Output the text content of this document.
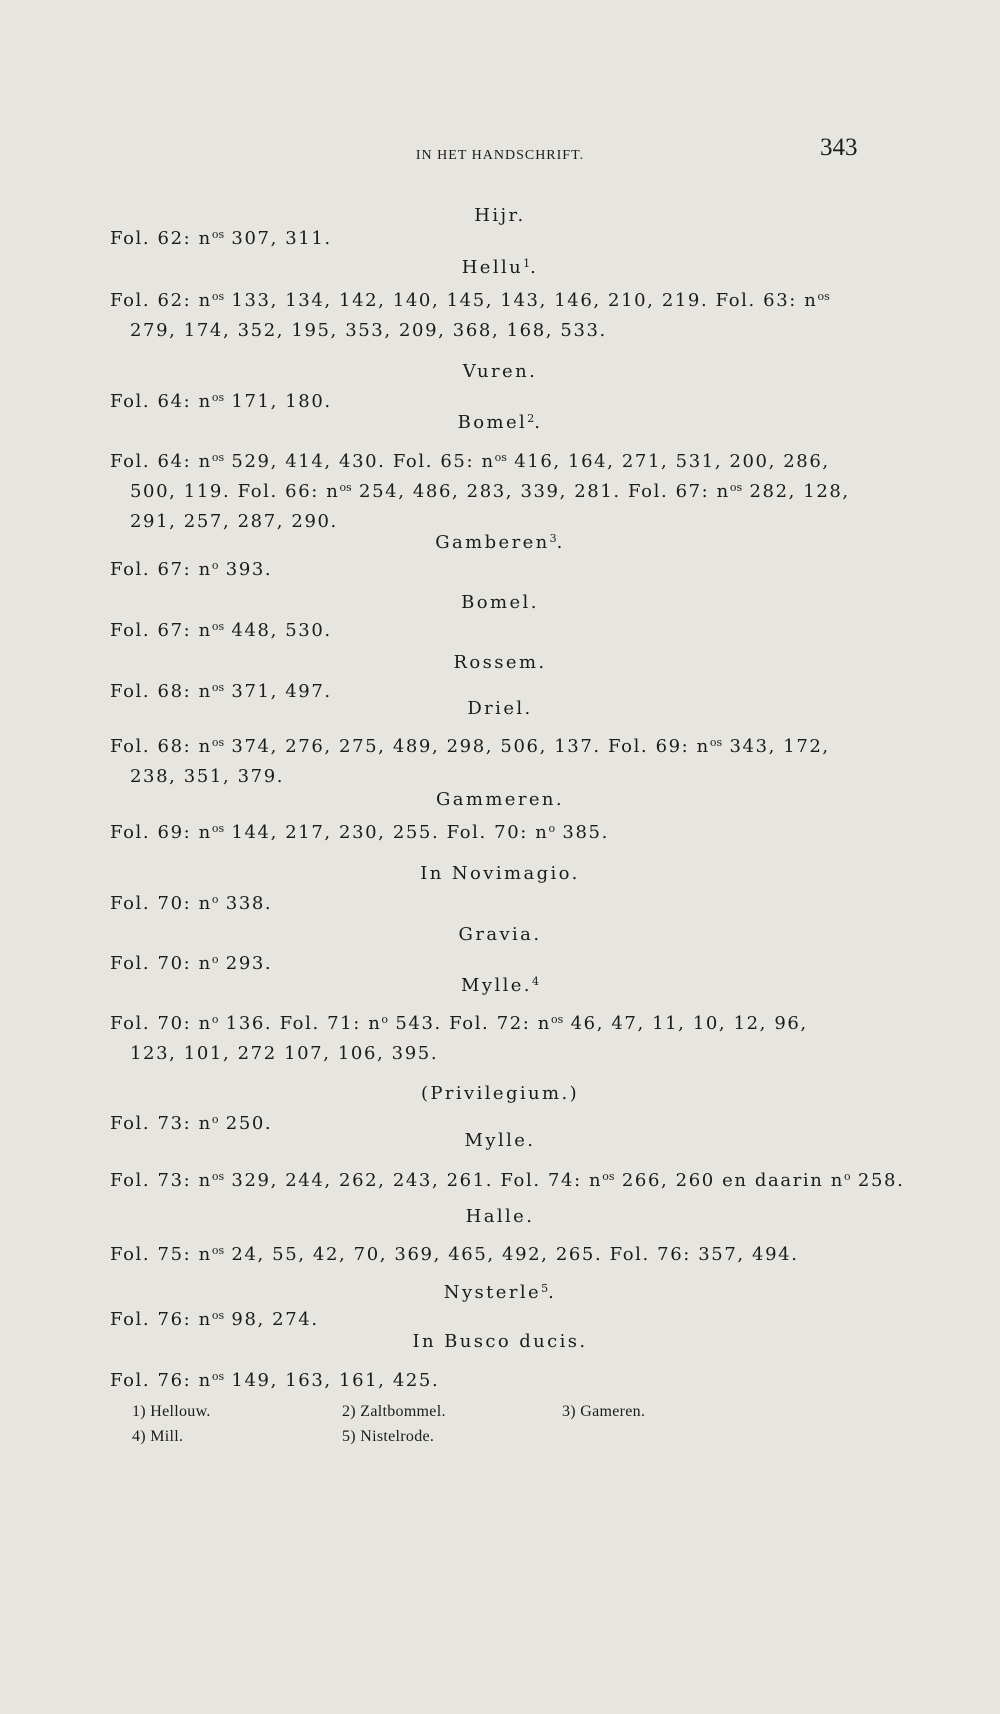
IN HET HANDSCHRIFT.	343
Hijr.
Fol. 62: $n^{os}$ 307, 311.
Hellu$^1$.
Fol. 62: $n^{os}$ 133, 134, 142, 140, 145, 143, 146, 210, 219. Fol. 63: $n^{os}$
279, 174, 352, 195, 353, 209, 368, 168, 533.
Vuren.
Fol. 64: $n^{os}$ 171, 180.
Bomel$^2$.
Fol. 64: $n^{os}$ 529, 414, 430. Fol. 65: $n^{os}$ 416, 164, 271, 531, 200, 286,
500, 119. Fol. 66: $n^{os}$ 254, 486, 283, 339, 281. Fol. 67: $n^{os}$ 282, 128,
291, 257, 287, 290.
Gamberen$^3$.
Fol. 67: $n^o$ 393.
Bomel.
Fol. 67: $n^{os}$ 448, 530.
Rossem.
Fol. 68: $n^{os}$ 371, 497.
Driel.
Fol. 68: $n^{os}$ 374, 276, 275, 489, 298, 506, 137. Fol. 69: $n^{os}$ 343, 172,
238, 351, 379.
Gammeren.
Fol. 69: $n^{os}$ 144, 217, 230, 255. Fol. 70: $n^o$ 385.
In Novimagio.
Fol. 70: $n^o$ 338.
Gravia.
Fol. 70: $n^o$ 293.
Mylle.$^4$
Fol. 70: $n^o$ 136. Fol. 71: $n^o$ 543. Fol. 72: $n^{os}$ 46, 47, 11, 10, 12, 96,
123, 101, 272 107, 106, 395.
(Privilegium.)
Fol. 73: $n^o$ 250.
Mylle.
Fol. 73: $n^{os}$ 329, 244, 262, 243, 261. Fol. 74: $n^{os}$ 266, 260 en daarin $n^o$ 258.
Halle.
Fol. 75: $n^{os}$ 24, 55, 42, 70, 369, 465, 492, 265. Fol. 76: 357, 494.
Nysterle$^5$.
Fol. 76: $n^{os}$ 98, 274.
In Busco ducis.
Fol. 76: $n^{os}$ 149, 163, 161, 425.
1) Hellouw.	2) Zaltbommel.	3) Gameren.
4) Mill.	5) Nistelrode.
